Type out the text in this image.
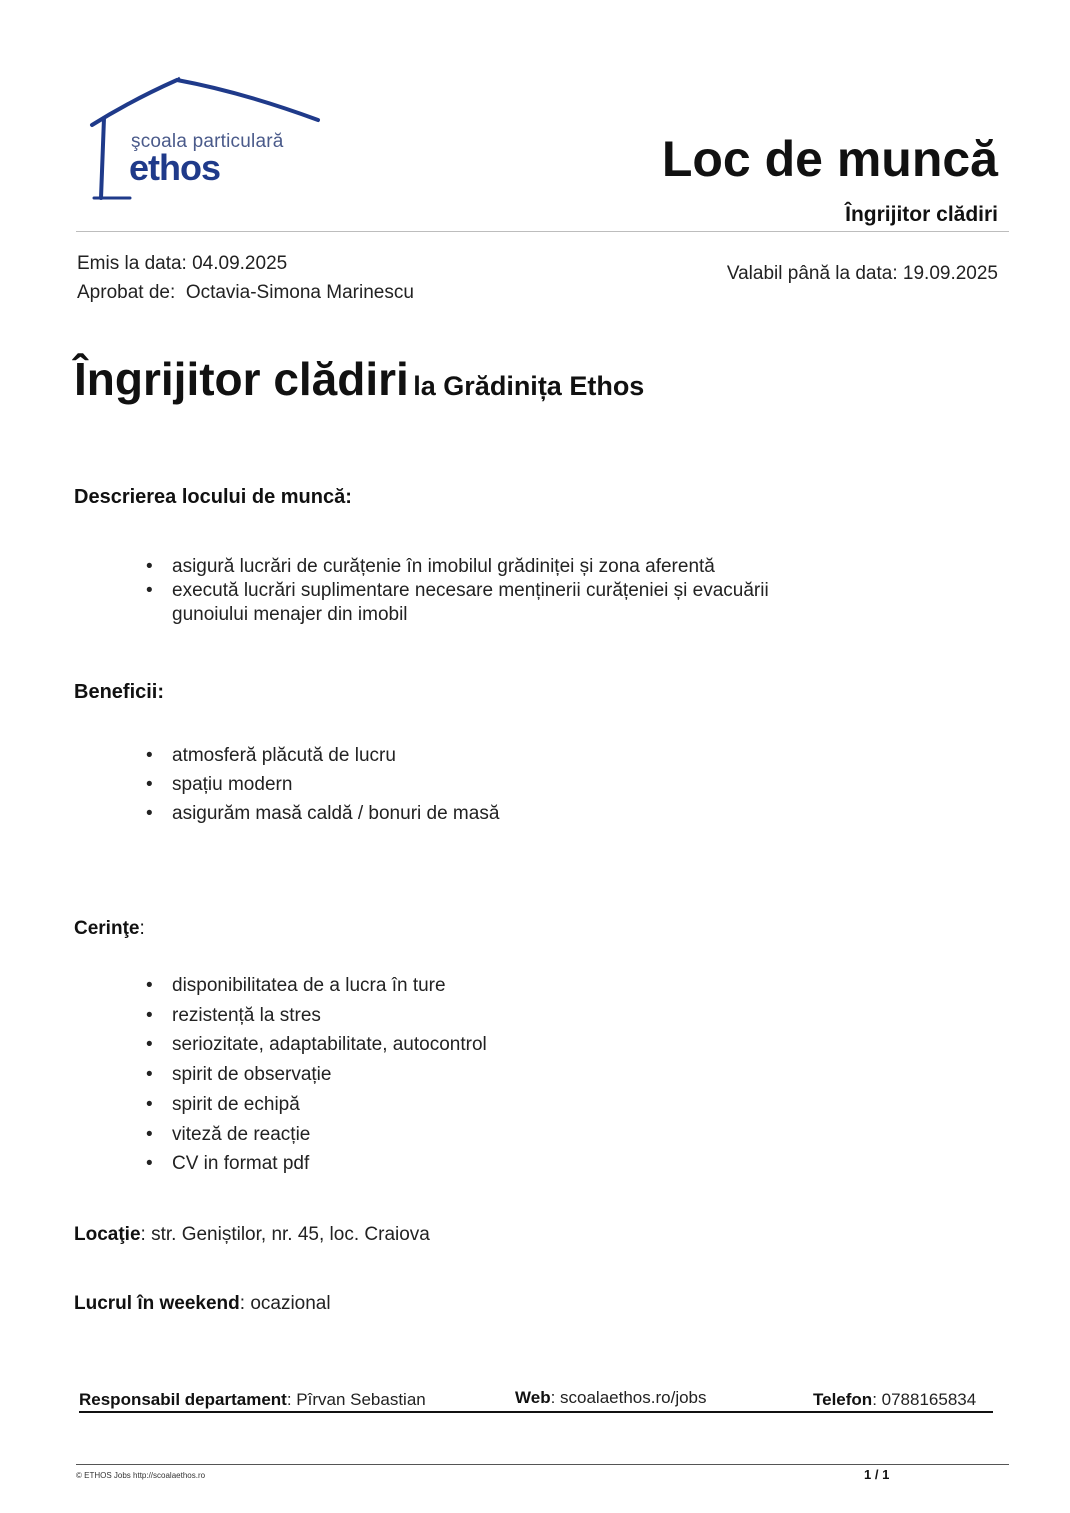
şcoala particulară
ethos	Loc de muncă
Îngrijitor clădiri
Emis la data: 04.09.2025
Aprobat de: Octavia-Simona Marinescu
Valabil până la data: 19.09.2025
Îngrijitor clădiri la Grădinița Ethos
Descrierea locului de muncă:
• asigură lucrări de curățenie în imobilul grădiniței și zona aferentă
• execută lucrări suplimentare necesare menținerii curățeniei și evacuării gunoiului menajer din imobil
Beneficii:
• atmosferă plăcută de lucru
• spațiu modern
• asigurăm masă caldă / bonuri de masă
Cerinţe:
• disponibilitatea de a lucra în ture
• rezistență la stres
• seriozitate, adaptabilitate, autocontrol
• spirit de observație
• spirit de echipă
• viteză de reacție
• CV in format pdf
Locaţie: str. Geniștilor, nr. 45, loc. Craiova
Lucrul în weekend: ocazional
Responsabil departament: Pîrvan Sebastian	Web: scoalaethos.ro/jobs	Telefon: 0788165834
© ETHOS Jobs http://scoalaethos.ro	1 / 1
